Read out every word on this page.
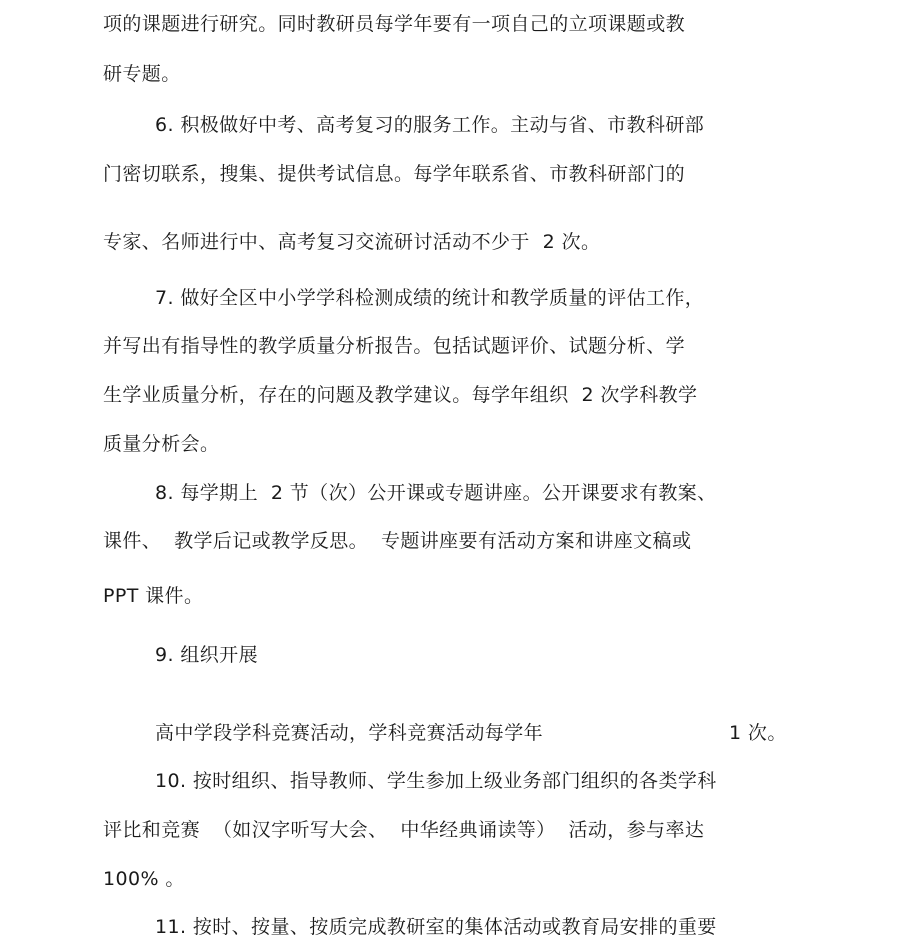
项的课题进行研究。同时教研员每学年要有一项自己的立项课题或教
研专题。
6. 积极做好中考、高考复习的服务工作。主动与省、市教科研部
门密切联系，搜集、提供考试信息。每学年联系省、市教科研部门的
专家、名师进行中、高考复习交流研讨活动不少于  2 次。
7. 做好全区中小学学科检测成绩的统计和教学质量的评估工作，
并写出有指导性的教学质量分析报告。包括试题评价、试题分析、学
生学业质量分析，存在的问题及教学建议。每学年组织  2 次学科教学
质量分析会。
8. 每学期上  2 节（次）公开课或专题讲座。公开课要求有教案、
课件、  教学后记或教学反思。  专题讲座要有活动方案和讲座文稿或
PPT 课件。
9. 组织开展
高中学段学科竞赛活动，学科竞赛活动每学年	1 次。
10. 按时组织、指导教师、学生参加上级业务部门组织的各类学科
评比和竞赛  （如汉字听写大会、  中华经典诵读等）  活动，参与率达
100% 。
11. 按时、按量、按质完成教研室的集体活动或教育局安排的重要
